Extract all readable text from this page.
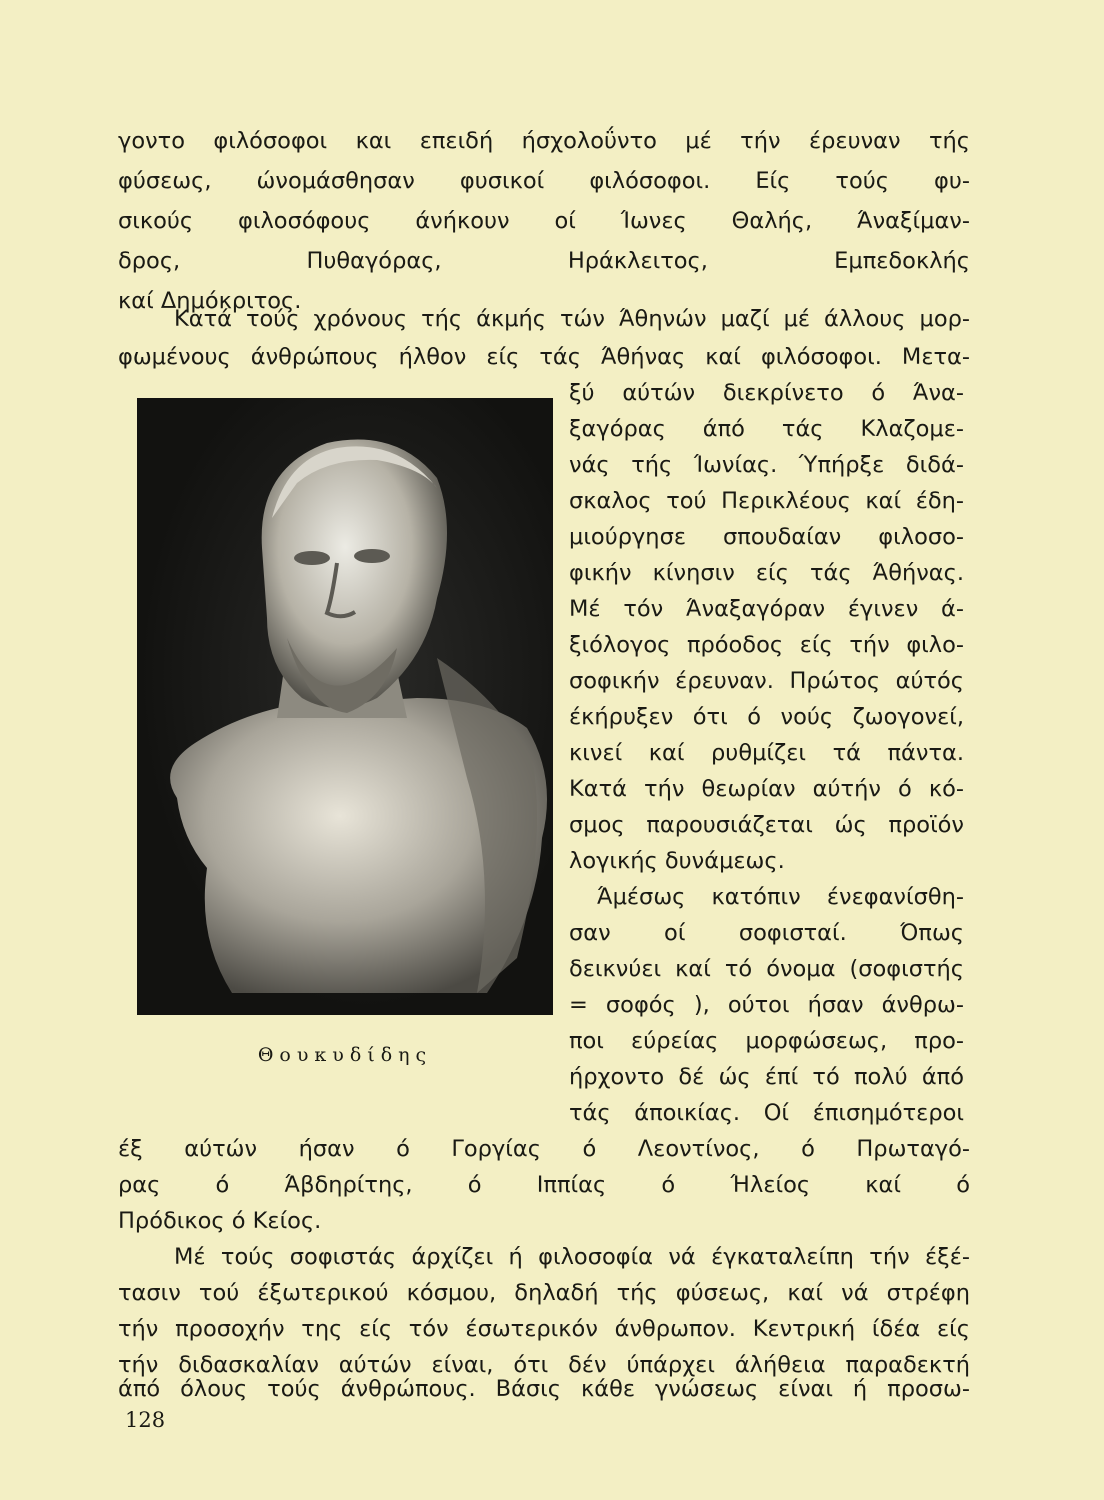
γοντο φιλόσοφοι και επειδή ήσχολοΰντο μέ τήν έρευναν τής
φύσεως, ώνομάσθησαν φυσικοί φιλόσοφοι. Είς τούς φυ-
σικούς φιλοσόφους άνήκουν οί Ίωνες Θαλής, Άναξίμαν-
δρος, Πυθαγόρας, Ηράκλειτος, Εμπεδοκλής
καί Δημόκριτος.
Κατά τούς χρόνους τής άκμής τών Άθηνών μαζί μέ άλλους μορ-
φωμένους άνθρώπους ήλθον είς τάς Άθήνας καί φιλόσοφοι. Μετα-
Θουκυδίδης
ξύ αύτών διεκρίνετο ό Άνα-
ξαγόρας άπό τάς Κλαζομε-
νάς τής Ίωνίας. Ύπήρξε διδά-
σκαλος τού Περικλέους καί έδη-
μιούργησε σπουδαίαν φιλοσο-
φικήν κίνησιν είς τάς Άθήνας.
Μέ τόν Άναξαγόραν έγινεν ά-
ξιόλογος πρόοδος είς τήν φιλο-
σοφικήν έρευναν. Πρώτος αύτός
έκήρυξεν ότι ό νούς ζωογονεί,
κινεί καί ρυθμίζει τά πάντα.
Κατά τήν θεωρίαν αύτήν ό κό-
σμος παρουσιάζεται ώς προϊόν
λογικής δυνάμεως.
Άμέσως κατόπιν ένεφανίσθη-
σαν οί σοφισταί. Όπως
δεικνύει καί τό όνομα (σοφιστής
= σοφός ), ούτοι ήσαν άνθρω-
ποι εύρείας μορφώσεως, προ-
ήρχοντο δέ ώς έπί τό πολύ άπό
τάς άποικίας. Οί έπισημότεροι
έξ αύτών ήσαν ό Γοργίας ό Λεοντίνος, ό Πρωταγό-
ρας ό Άβδηρίτης, ό Ιππίας ό Ήλείος καί ό
Πρόδικος ό Κείος.
Μέ τούς σοφιστάς άρχίζει ή φιλοσοφία νά έγκαταλείπη τήν έξέ-
τασιν τού έξωτερικού κόσμου, δηλαδή τής φύσεως, καί νά στρέφη
τήν προσοχήν της είς τόν έσωτερικόν άνθρωπον. Κεντρική ίδέα είς
τήν διδασκαλίαν αύτών είναι, ότι δέν ύπάρχει άλήθεια παραδεκτή
άπό όλους τούς άνθρώπους. Βάσις κάθε γνώσεως είναι ή προσω-
128
